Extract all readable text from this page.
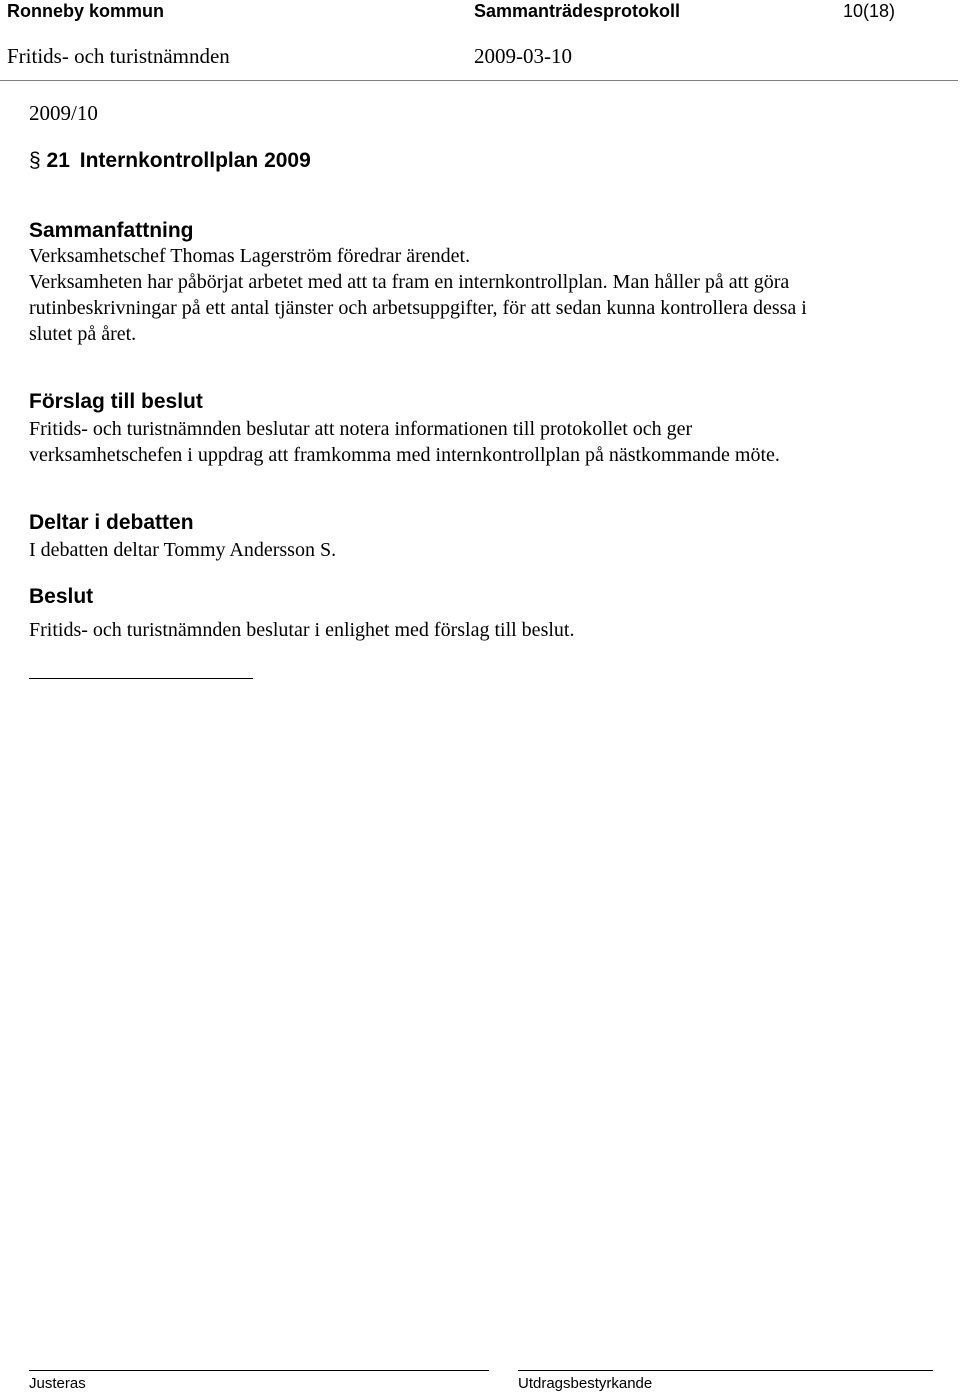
Ronneby kommun	Sammanträdesprotokoll	10(18)
Fritids- och turistnämnden	2009-03-10
2009/10
§ 21 Internkontrollplan 2009
Sammanfattning
Verksamhetschef Thomas Lagerström föredrar ärendet.
Verksamheten har påbörjat arbetet med att ta fram en internkontrollplan. Man håller på att göra
rutinbeskrivningar på ett antal tjänster och arbetsuppgifter, för att sedan kunna kontrollera dessa i
slutet på året.
Förslag till beslut
Fritids- och turistnämnden beslutar att notera informationen till protokollet och ger
verksamhetschefen i uppdrag att framkomma med internkontrollplan på nästkommande möte.
Deltar i debatten
I debatten deltar Tommy Andersson S.
Beslut
Fritids- och turistnämnden beslutar i enlighet med förslag till beslut.
Justeras	Utdragsbestyrkande
